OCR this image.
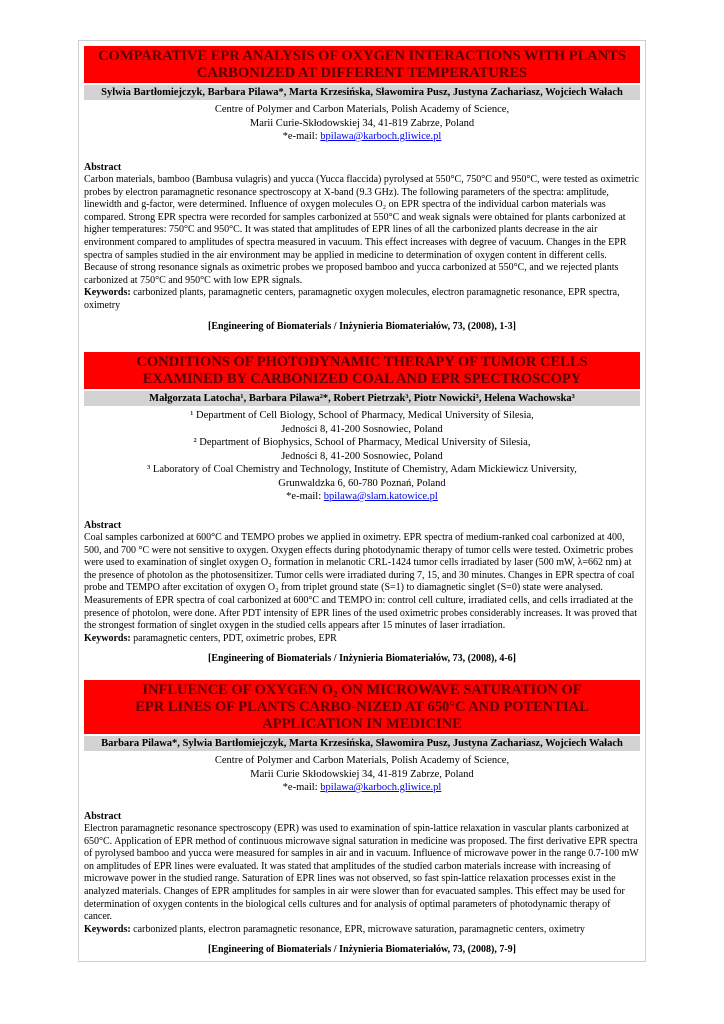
COMPARATIVE EPR ANALYSIS OF OXYGEN INTERACTIONS WITH PLANTS
CARBONIZED AT DIFFERENT TEMPERATURES
Sylwia Bartłomiejczyk, Barbara Pilawa*, Marta Krzesińska, Sławomira Pusz, Justyna Zachariasz, Wojciech Wałach
Centre of Polymer and Carbon Materials, Polish Academy of Science,
Marii Curie-Skłodowskiej 34, 41-819 Zabrze, Poland
*e-mail: bpilawa@karboch.gliwice.pl
Abstract
Carbon materials, bamboo (Bambusa vulagris) and yucca (Yucca flaccida) pyrolysed at 550°C, 750°C and 950°C, were tested as oximetric probes by electron paramagnetic resonance spectroscopy at X-band (9.3 GHz). The following parameters of the spectra: amplitude, linewidth and g-factor, were determined. Influence of oxygen molecules O₂ on EPR spectra of the individual carbon materials was compared. Strong EPR spectra were recorded for samples carbonized at 550°C and weak signals were obtained for plants carbonized at higher temperatures: 750°C and 950°C. It was stated that amplitudes of EPR lines of all the carbonized plants decrease in the air environment compared to amplitudes of spectra measured in vacuum. This effect increases with degree of vacuum. Changes in the EPR spectra of samples studied in the air environment may be applied in medicine to determination of oxygen content in different cells. Because of strong resonance signals as oximetric probes we proposed bamboo and yucca carbonized at 550°C, and we rejected plants carbonized at 750°C and 950°C with low EPR signals.
Keywords: carbonized plants, paramagnetic centers, paramagnetic oxygen molecules, electron paramagnetic resonance, EPR spectra, oximetry
[Engineering of Biomaterials / Inżynieria Biomateriałów, 73, (2008), 1-3]
CONDITIONS OF PHOTODYNAMIC THERAPY OF TUMOR CELLS
EXAMINED BY CARBONIZED COAL AND EPR SPECTROSCOPY
Małgorzata Latocha¹, Barbara Pilawa²*, Robert Pietrzak³, Piotr Nowicki³, Helena Wachowska³
¹ Department of Cell Biology, School of Pharmacy, Medical University of Silesia,
Jedności 8, 41-200 Sosnowiec, Poland
² Department of Biophysics, School of Pharmacy, Medical University of Silesia,
Jedności 8, 41-200 Sosnowiec, Poland
³ Laboratory of Coal Chemistry and Technology, Institute of Chemistry, Adam Mickiewicz University,
Grunwaldzka 6, 60-780 Poznań, Poland
*e-mail: bpilawa@slam.katowice.pl
Abstract
Coal samples carbonized at 600°C and TEMPO probes we applied in oximetry. EPR spectra of medium-ranked coal carbonized at 400, 500, and 700 °C were not sensitive to oxygen. Oxygen effects during photodynamic therapy of tumor cells were tested. Oximetric probes were used to examination of singlet oxygen O₂ formation in melanotic CRL-1424 tumor cells irradiated by laser (500 mW, λ=662 nm) at the presence of photolon as the photosensitizer. Tumor cells were irradiated during 7, 15, and 30 minutes. Changes in EPR spectra of coal probe and TEMPO after excitation of oxygen O₂ from triplet ground state (S=1) to diamagnetic singlet (S=0) state were analysed. Measurements of EPR spectra of coal carbonized at 600°C and TEMPO in: control cell culture, irradiated cells, and cells irradiated at the presence of photolon, were done. After PDT intensity of EPR lines of the used oximetric probes considerably increases. It was proved that the strongest formation of singlet oxygen in the studied cells appears after 15 minutes of laser irradiation.
Keywords: paramagnetic centers, PDT, oximetric probes, EPR
[Engineering of Biomaterials / Inżynieria Biomateriałów, 73, (2008), 4-6]
INFLUENCE OF OXYGEN O₂ ON MICROWAVE SATURATION OF
EPR LINES OF PLANTS CARBO-NIZED AT 650°C AND POTENTIAL
APPLICATION IN MEDICINE
Barbara Pilawa*, Sylwia Bartłomiejczyk, Marta Krzesińska, Sławomira Pusz, Justyna Zachariasz, Wojciech Wałach
Centre of Polymer and Carbon Materials, Polish Academy of Science,
Marii Curie Skłodowskiej 34, 41-819 Zabrze, Poland
*e-mail: bpilawa@karboch.gliwice.pl
Abstract
Electron paramagnetic resonance spectroscopy (EPR) was used to examination of spin-lattice relaxation in vascular plants carbonized at 650°C. Application of EPR method of continuous microwave signal saturation in medicine was proposed. The first derivative EPR spectra of pyrolysed bamboo and yucca were measured for samples in air and in vacuum. Influence of microwave power in the range 0.7-100 mW on amplitudes of EPR lines were evaluated. It was stated that amplitudes of the studied carbon materials increase with increasing of microwave power in the studied range. Saturation of EPR lines was not observed, so fast spin-lattice relaxation processes exist in the analyzed materials. Changes of EPR amplitudes for samples in air were slower than for evacuated samples. This effect may be used for determination of oxygen contents in the biological cells cultures and for analysis of optimal parameters of photodynamic therapy of cancer.
Keywords: carbonized plants, electron paramagnetic resonance, EPR, microwave saturation, paramagnetic centers, oximetry
[Engineering of Biomaterials / Inżynieria Biomateriałów, 73, (2008), 7-9]
